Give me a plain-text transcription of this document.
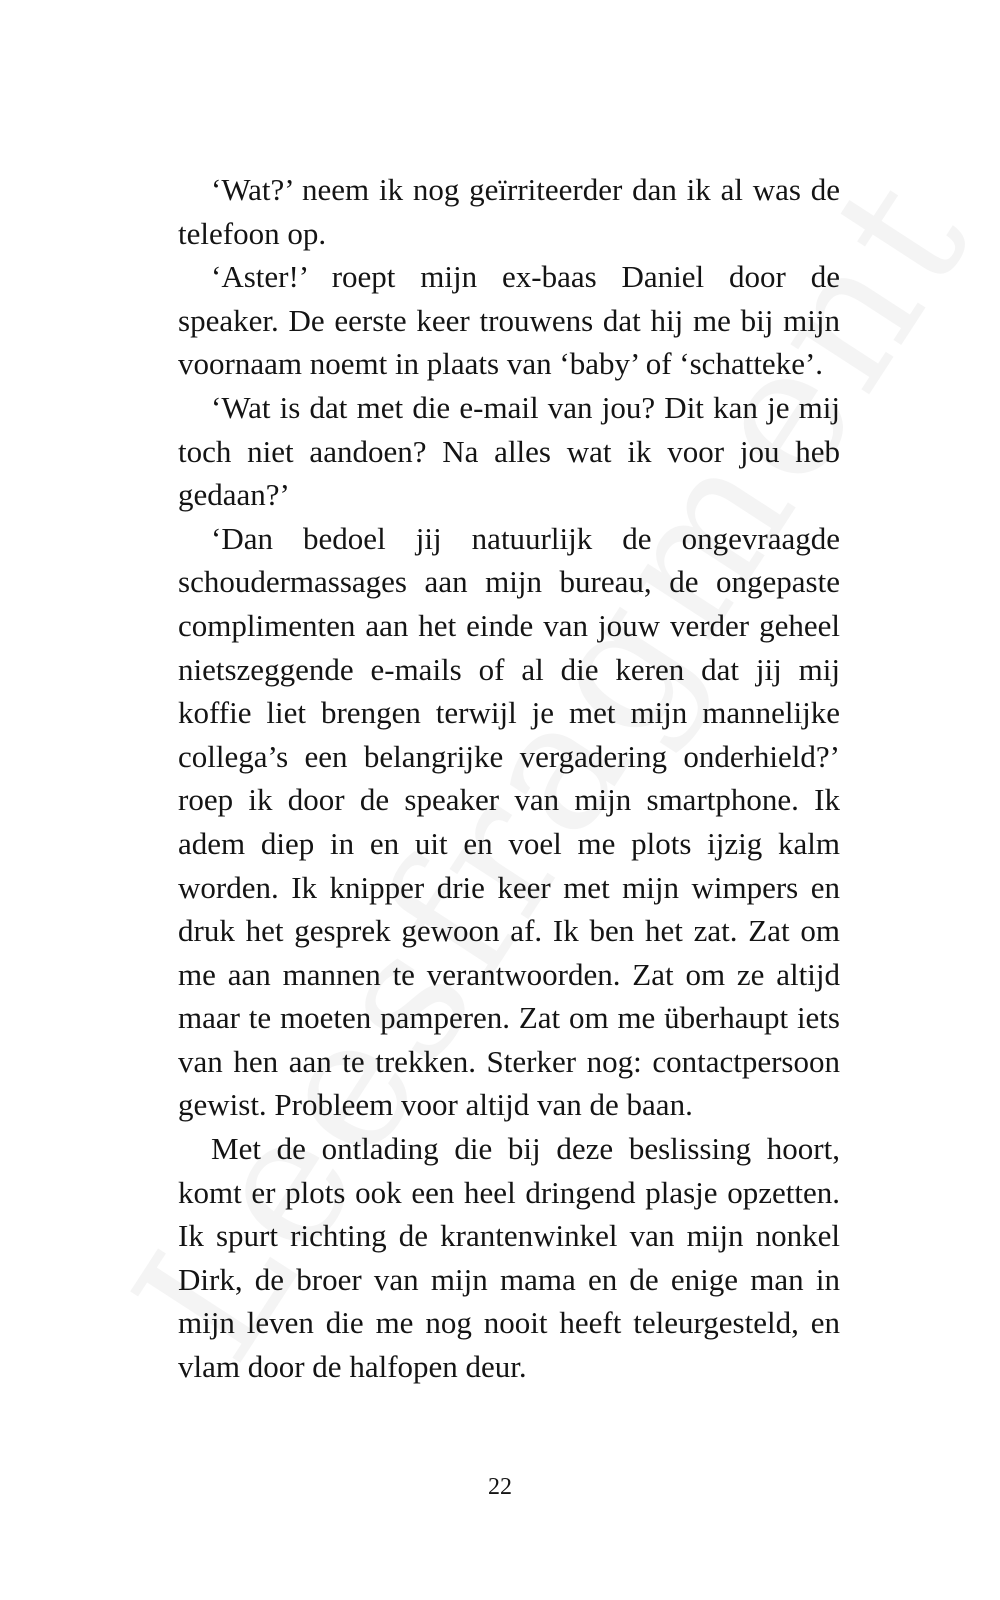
‘Wat?’ neem ik nog geïrriteerder dan ik al was de telefoon op.

‘Aster!’ roept mijn ex-baas Daniel door de speaker. De eerste keer trouwens dat hij me bij mijn voornaam noemt in plaats van ‘baby’ of ‘schatteke’.

‘Wat is dat met die e-mail van jou? Dit kan je mij toch niet aandoen? Na alles wat ik voor jou heb gedaan?’

‘Dan bedoel jij natuurlijk de ongevraagde schoudermassages aan mijn bureau, de ongepaste complimenten aan het einde van jouw verder geheel nietszeggende e-mails of al die keren dat jij mij koffie liet brengen terwijl je met mijn mannelijke collega’s een belangrijke vergadering onderhield?’ roep ik door de speaker van mijn smartphone. Ik adem diep in en uit en voel me plots ijzig kalm worden. Ik knipper drie keer met mijn wimpers en druk het gesprek gewoon af. Ik ben het zat. Zat om me aan mannen te verantwoorden. Zat om ze altijd maar te moeten pamperen. Zat om me überhaupt iets van hen aan te trekken. Sterker nog: contactpersoon gewist. Probleem voor altijd van de baan.

Met de ontlading die bij deze beslissing hoort, komt er plots ook een heel dringend plasje opzetten. Ik spurt richting de krantenwinkel van mijn nonkel Dirk, de broer van mijn mama en de enige man in mijn leven die me nog nooit heeft teleurgesteld, en vlam door de halfopen deur.

22
